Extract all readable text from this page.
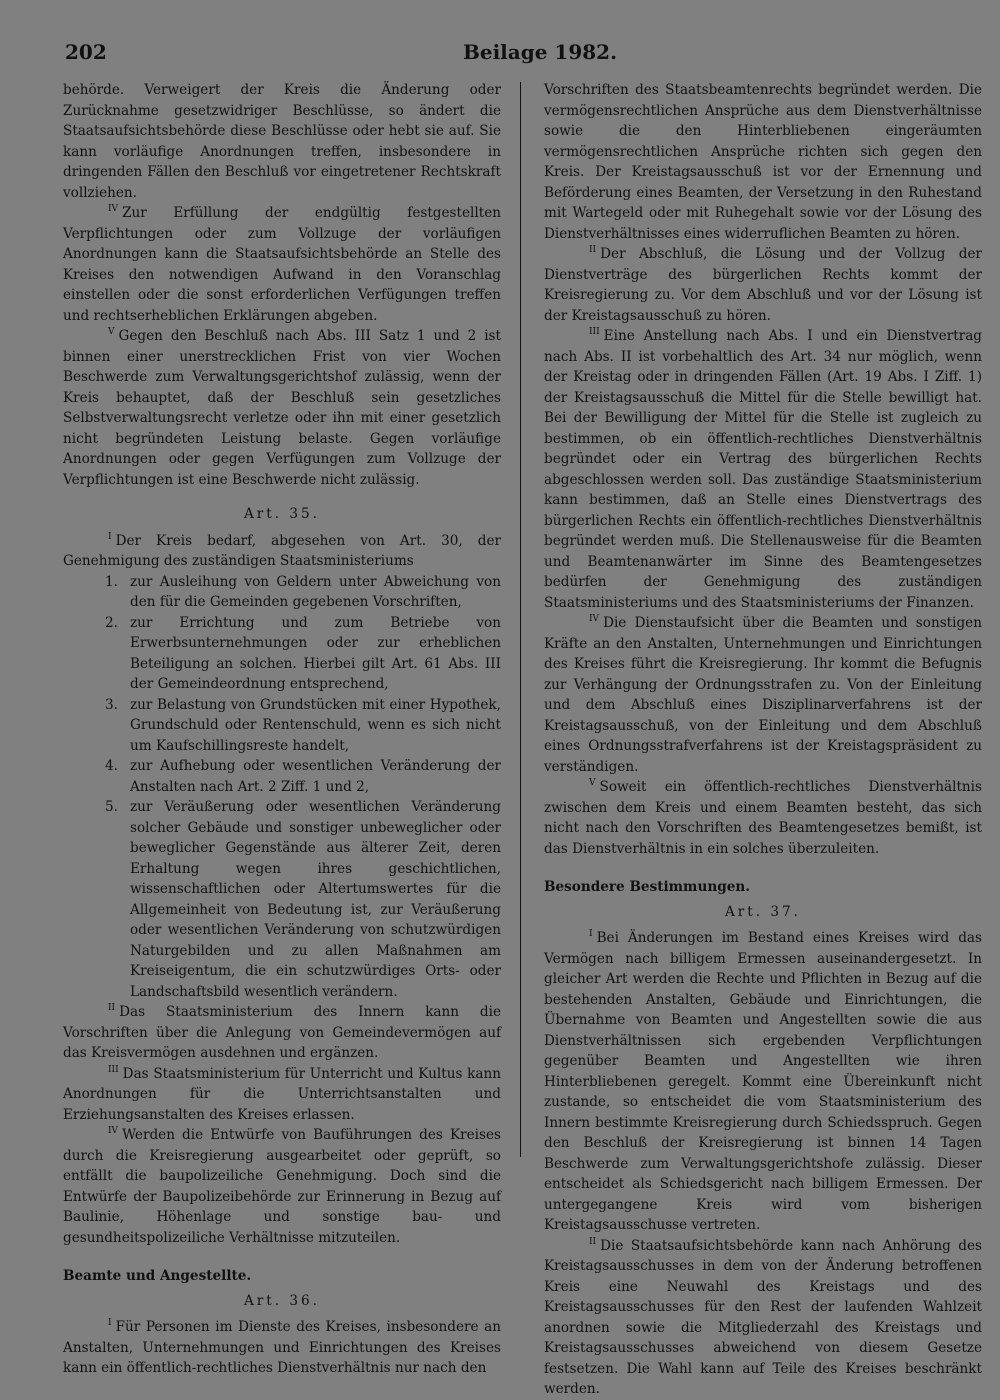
202	Beilage 1982.

behörde. Verweigert der Kreis die Änderung oder Zurücknahme gesetzwidriger Beschlüsse, so ändert die Staatsaufsichtsbehörde diese Beschlüsse oder hebt sie auf. Sie kann vorläufige Anordnungen treffen, insbesondere in dringenden Fällen den Beschluß vor eingetretener Rechtskraft vollziehen.

$^{IV}$ Zur Erfüllung der endgültig festgestellten Verpflichtungen oder zum Vollzuge der vorläufigen Anordnungen kann die Staatsaufsichtsbehörde an Stelle des Kreises den notwendigen Aufwand in den Voranschlag einstellen oder die sonst erforderlichen Verfügungen treffen und rechtserheblichen Erklärungen abgeben.

$^V$ Gegen den Beschluß nach Abs. III Satz 1 und 2 ist binnen einer unerstrecklichen Frist von vier Wochen Beschwerde zum Verwaltungsgerichtshof zulässig, wenn der Kreis behauptet, daß der Beschluß sein gesetzliches Selbstverwaltungsrecht verletze oder ihn mit einer gesetzlich nicht begründeten Leistung belaste. Gegen vorläufige Anordnungen oder gegen Verfügungen zum Vollzuge der Verpflichtungen ist eine Beschwerde nicht zulässig.

Art. 35.

$^I$ Der Kreis bedarf, abgesehen von Art. 30, der Genehmigung des zuständigen Staatsministeriums

1. zur Ausleihung von Geldern unter Abweichung von den für die Gemeinden gegebenen Vorschriften,
2. zur Errichtung und zum Betriebe von Erwerbsunternehmungen oder zur erheblichen Beteiligung an solchen. Hierbei gilt Art. 61 Abs. III der Gemeindeordnung entsprechend,
3. zur Belastung von Grundstücken mit einer Hypothek, Grundschuld oder Rentenschuld, wenn es sich nicht um Kaufschillingsreste handelt,
4. zur Aufhebung oder wesentlichen Veränderung der Anstalten nach Art. 2 Ziff. 1 und 2,
5. zur Veräußerung oder wesentlichen Veränderung solcher Gebäude und sonstiger unbeweglicher oder beweglicher Gegenstände aus älterer Zeit, deren Erhaltung wegen ihres geschichtlichen, wissenschaftlichen oder Altertumswertes für die Allgemeinheit von Bedeutung ist, zur Veräußerung oder wesentlichen Veränderung von schutzwürdigen Naturgebilden und zu allen Maßnahmen am Kreiseigentum, die ein schutzwürdiges Orts- oder Landschaftsbild wesentlich verändern.

$^{II}$ Das Staatsministerium des Innern kann die Vorschriften über die Anlegung von Gemeindevermögen auf das Kreisvermögen ausdehnen und ergänzen.

$^{III}$ Das Staatsministerium für Unterricht und Kultus kann Anordnungen für die Unterrichtsanstalten und Erziehungsanstalten des Kreises erlassen.

$^{IV}$ Werden die Entwürfe von Bauführungen des Kreises durch die Kreisregierung ausgearbeitet oder geprüft, so entfällt die baupolizeiliche Genehmigung. Doch sind die Entwürfe der Baupolizeibehörde zur Erinnerung in Bezug auf Baulinie, Höhenlage und sonstige bau- und gesundheitspolizeiliche Verhältnisse mitzuteilen.

Beamte und Angestellte.

Art. 36.

$^I$ Für Personen im Dienste des Kreises, insbesondere an Anstalten, Unternehmungen und Einrichtungen des Kreises kann ein öffentlich-rechtliches Dienstverhältnis nur nach den

Vorschriften des Staatsbeamtenrechts begründet werden. Die vermögensrechtlichen Ansprüche aus dem Dienstverhältnisse sowie die den Hinterbliebenen eingeräumten vermögensrechtlichen Ansprüche richten sich gegen den Kreis. Der Kreistagsausschuß ist vor der Ernennung und Beförderung eines Beamten, der Versetzung in den Ruhestand mit Wartegeld oder mit Ruhegehalt sowie vor der Lösung des Dienstverhältnisses eines widerruflichen Beamten zu hören.

$^{II}$ Der Abschluß, die Lösung und der Vollzug der Dienstverträge des bürgerlichen Rechts kommt der Kreisregierung zu. Vor dem Abschluß und vor der Lösung ist der Kreistagsausschuß zu hören.

$^{III}$ Eine Anstellung nach Abs. I und ein Dienstvertrag nach Abs. II ist vorbehaltlich des Art. 34 nur möglich, wenn der Kreistag oder in dringenden Fällen (Art. 19 Abs. I Ziff. 1) der Kreistagsausschuß die Mittel für die Stelle bewilligt hat. Bei der Bewilligung der Mittel für die Stelle ist zugleich zu bestimmen, ob ein öffentlich-rechtliches Dienstverhältnis begründet oder ein Vertrag des bürgerlichen Rechts abgeschlossen werden soll. Das zuständige Staatsministerium kann bestimmen, daß an Stelle eines Dienstvertrags des bürgerlichen Rechts ein öffentlich-rechtliches Dienstverhältnis begründet werden muß. Die Stellenausweise für die Beamten und Beamtenanwärter im Sinne des Beamtengesetzes bedürfen der Genehmigung des zuständigen Staatsministeriums und des Staatsministeriums der Finanzen.

$^{IV}$ Die Dienstaufsicht über die Beamten und sonstigen Kräfte an den Anstalten, Unternehmungen und Einrichtungen des Kreises führt die Kreisregierung. Ihr kommt die Befugnis zur Verhängung der Ordnungsstrafen zu. Von der Einleitung und dem Abschluß eines Disziplinarverfahrens ist der Kreistagsausschuß, von der Einleitung und dem Abschluß eines Ordnungsstrafverfahrens ist der Kreistagspräsident zu verständigen.

$^V$ Soweit ein öffentlich-rechtliches Dienstverhältnis zwischen dem Kreis und einem Beamten besteht, das sich nicht nach den Vorschriften des Beamtengesetzes bemißt, ist das Dienstverhältnis in ein solches überzuleiten.

Besondere Bestimmungen.

Art. 37.

$^I$ Bei Änderungen im Bestand eines Kreises wird das Vermögen nach billigem Ermessen auseinandergesetzt. In gleicher Art werden die Rechte und Pflichten in Bezug auf die bestehenden Anstalten, Gebäude und Einrichtungen, die Übernahme von Beamten und Angestellten sowie die aus Dienstverhältnissen sich ergebenden Verpflichtungen gegenüber Beamten und Angestellten wie ihren Hinterbliebenen geregelt. Kommt eine Übereinkunft nicht zustande, so entscheidet die vom Staatsministerium des Innern bestimmte Kreisregierung durch Schiedsspruch. Gegen den Beschluß der Kreisregierung ist binnen 14 Tagen Beschwerde zum Verwaltungsgerichtshofe zulässig. Dieser entscheidet als Schiedsgericht nach billigem Ermessen. Der untergegangene Kreis wird vom bisherigen Kreistagsausschusse vertreten.

$^{II}$ Die Staatsaufsichtsbehörde kann nach Anhörung des Kreistagsausschusses in dem von der Änderung betroffenen Kreis eine Neuwahl des Kreistags und des Kreistagsausschusses für den Rest der laufenden Wahlzeit anordnen sowie die Mitgliederzahl des Kreistags und Kreistagsausschusses abweichend von diesem Gesetze festsetzen. Die Wahl kann auf Teile des Kreises beschränkt werden.
